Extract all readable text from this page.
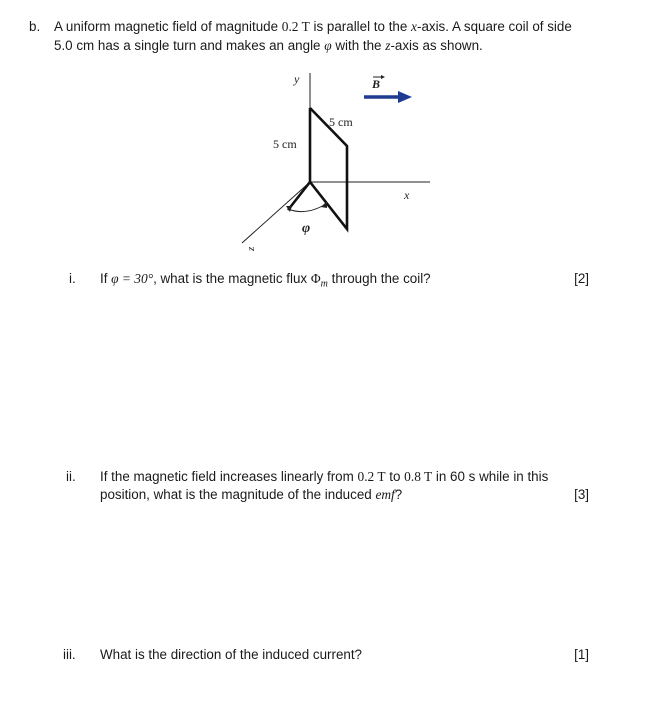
b. A uniform magnetic field of magnitude 0.2 T is parallel to the x-axis. A square coil of side
5.0 cm has a single turn and makes an angle φ with the z-axis as shown.
y
x
z
B
φ
5 cm
5 cm
i. If φ = 30°, what is the magnetic flux $\Phi_m$ through the coil?	[2]
ii. If the magnetic field increases linearly from 0.2 T to 0.8 T in 60 s while in this
position, what is the magnitude of the induced emf?	[3]
iii. What is the direction of the induced current?	[1]
